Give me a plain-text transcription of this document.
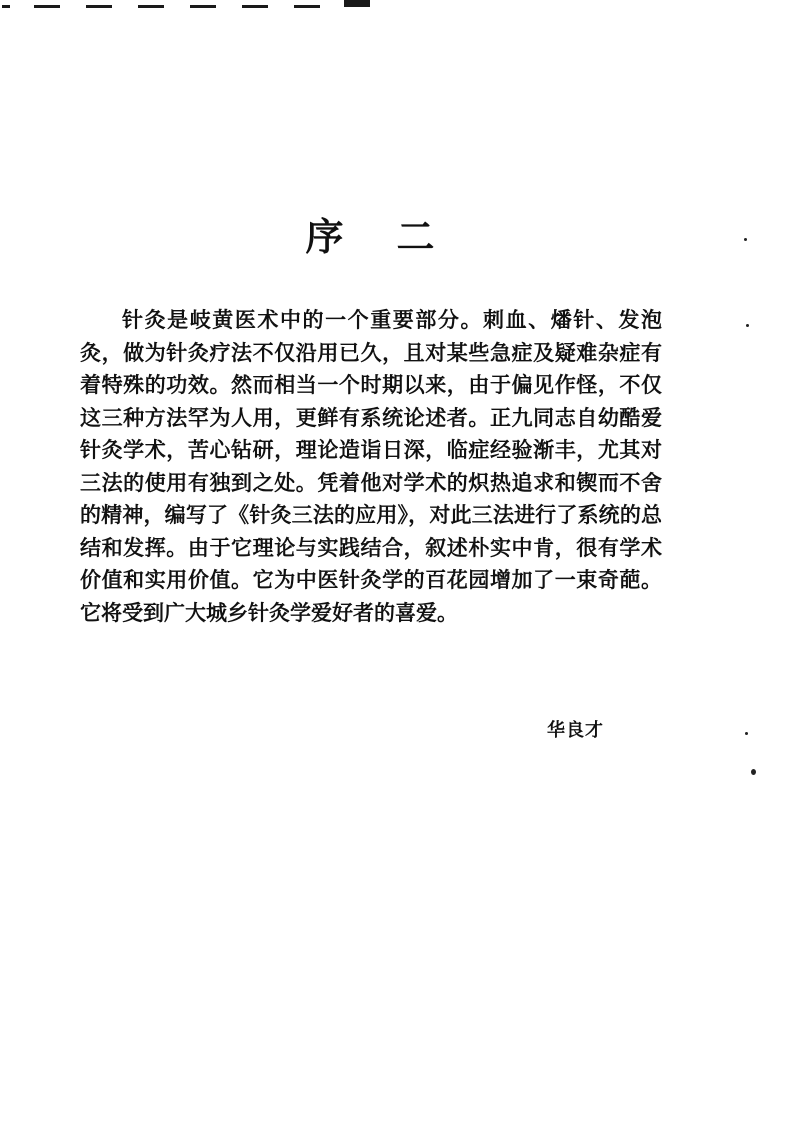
序    二

针灸是岐黄医术中的一个重要部分。刺血、燔针、发泡灸，做为针灸疗法不仅沿用已久，且对某些急症及疑难杂症有着特殊的功效。然而相当一个时期以来，由于偏见作怪，不仅这三种方法罕为人用，更鲜有系统论述者。正九同志自幼酷爱针灸学术，苦心钻研，理论造诣日深，临症经验渐丰，尤其对三法的使用有独到之处。凭着他对学术的炽热追求和锲而不舍的精神，编写了《针灸三法的应用》，对此三法进行了系统的总结和发挥。由于它理论与实践结合，叙述朴实中肯，很有学术价值和实用价值。它为中医针灸学的百花园增加了一束奇葩。它将受到广大城乡针灸学爱好者的喜爱。

华良才
